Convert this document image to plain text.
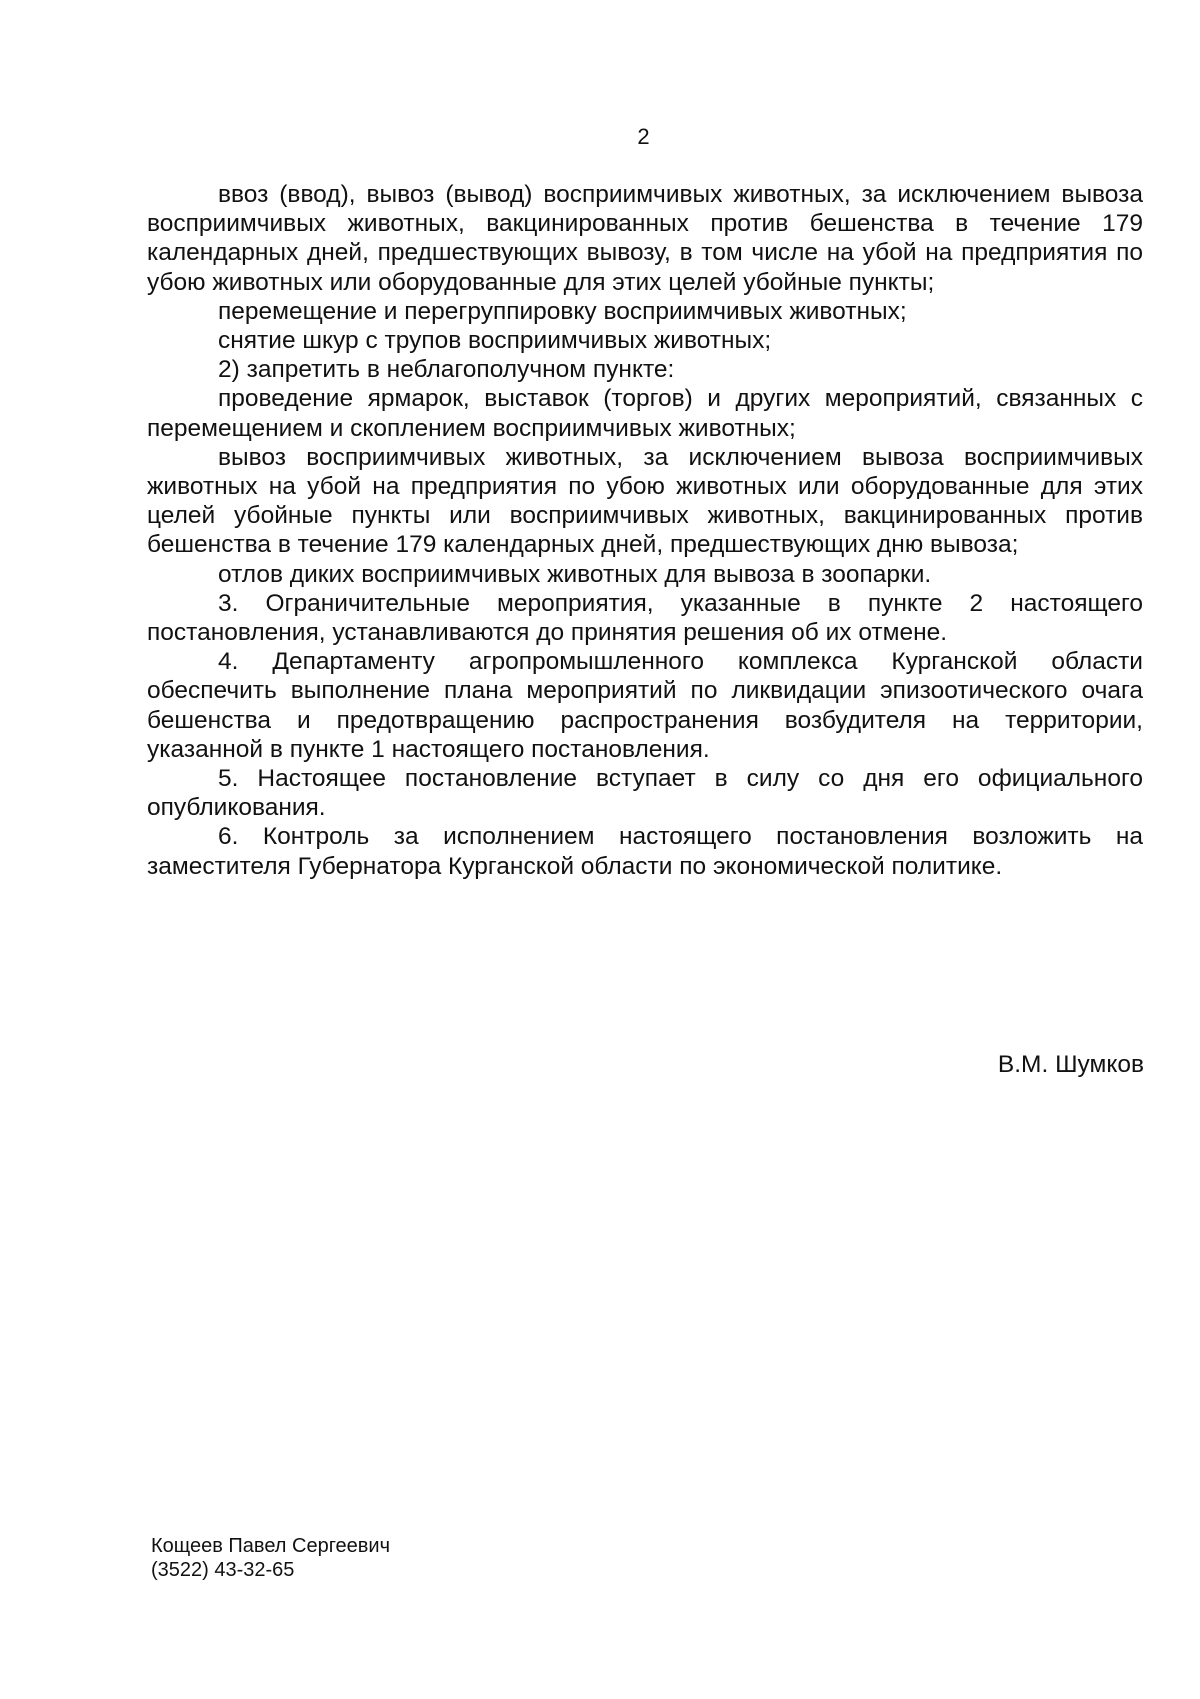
2

ввоз (ввод), вывоз (вывод) восприимчивых животных, за исключением вывоза восприимчивых животных, вакцинированных против бешенства в течение 179 календарных дней, предшествующих вывозу, в том числе на убой на предприятия по убою животных или оборудованные для этих целей убойные пункты;

перемещение и перегруппировку восприимчивых животных;

снятие шкур с трупов восприимчивых животных;

2) запретить в неблагополучном пункте:

проведение ярмарок, выставок (торгов) и других мероприятий, связанных с перемещением и скоплением восприимчивых животных;

вывоз восприимчивых животных, за исключением вывоза восприимчивых животных на убой на предприятия по убою животных или оборудованные для этих целей убойные пункты или восприимчивых животных, вакцинированных против бешенства в течение 179 календарных дней, предшествующих дню вывоза;

отлов диких восприимчивых животных для вывоза в зоопарки.

3. Ограничительные мероприятия, указанные в пункте 2 настоящего постановления, устанавливаются до принятия решения об их отмене.

4. Департаменту агропромышленного комплекса Курганской области обеспечить выполнение плана мероприятий по ликвидации эпизоотического очага бешенства и предотвращению распространения возбудителя на территории, указанной в пункте 1 настоящего постановления.

5. Настоящее постановление вступает в силу со дня его официального опубликования.

6. Контроль за исполнением настоящего постановления возложить на заместителя Губернатора Курганской области по экономической политике.

В.М. Шумков
Кощеев Павел Сергеевич
(3522) 43-32-65
